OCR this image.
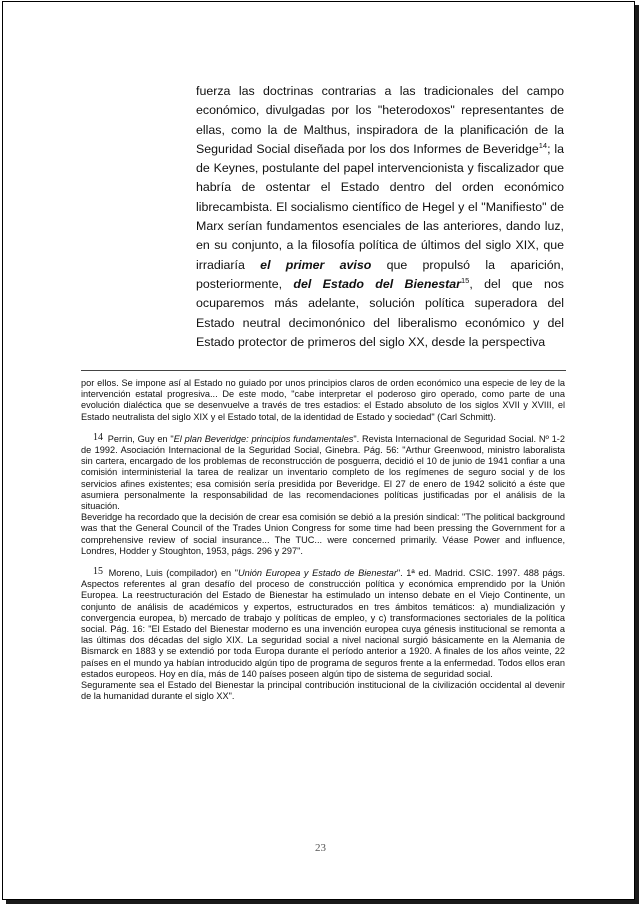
fuerza las doctrinas contrarias a las tradicionales del campo económico, divulgadas por los "heterodoxos" representantes de ellas, como la de Malthus, inspiradora de la planificación de la Seguridad Social diseñada por los dos Informes de Beveridge$^{14}$; la de Keynes, postulante del papel intervencionista y fiscalizador que habría de ostentar el Estado dentro del orden económico librecambista. El socialismo científico de Hegel y el "Manifiesto" de Marx serían fundamentos esenciales de las anteriores, dando luz, en su conjunto, a la filosofía política de últimos del siglo XIX, que irradiaría el primer aviso que propulsó la aparición, posteriormente, del Estado del Bienestar$^{15}$, del que nos ocuparemos más adelante, solución política superadora del Estado neutral decimonónico del liberalismo económico y del Estado protector de primeros del siglo XX, desde la perspectiva

por ellos. Se impone así al Estado no guiado por unos principios claros de orden económico una especie de ley de la intervención estatal progresiva... De este modo, "cabe interpretar el poderoso giro operado, como parte de una evolución dialéctica que se desenvuelve a través de tres estadios: el Estado absoluto de los siglos XVII y XVIII, el Estado neutralista del siglo XIX y el Estado total, de la identidad de Estado y sociedad" (Carl Schmitt).

14 Perrin, Guy en "El plan Beveridge: principios fundamentales". Revista Internacional de Seguridad Social. Nº 1-2 de 1992. Asociación Internacional de la Seguridad Social, Ginebra. Pág. 56: "Arthur Greenwood, ministro laboralista sin cartera, encargado de los problemas de reconstrucción de posguerra, decidió el 10 de junio de 1941 confiar a una comisión interministerial la tarea de realizar un inventario completo de los regímenes de seguro social y de los servicios afines existentes; esa comisión sería presidida por Beveridge. El 27 de enero de 1942 solicitó a éste que asumiera personalmente la responsabilidad de las recomendaciones políticas justificadas por el análisis de la situación.

Beveridge ha recordado que la decisión de crear esa comisión se debió a la presión sindical: "The political background was that the General Council of the Trades Union Congress for some time had been pressing the Government for a comprehensive review of social insurance... The TUC... were concerned primarily. Véase Power and influence, Londres, Hodder y Stoughton, 1953, págs. 296 y 297".

15 Moreno, Luis (compilador) en "Unión Europea y Estado de Bienestar". 1ª ed. Madrid. CSIC. 1997. 488 págs. Aspectos referentes al gran desafío del proceso de construcción política y económica emprendido por la Unión Europea. La reestructuración del Estado de Bienestar ha estimulado un intenso debate en el Viejo Continente, un conjunto de análisis de académicos y expertos, estructurados en tres ámbitos temáticos: a) mundialización y convergencia europea, b) mercado de trabajo y políticas de empleo, y c) transformaciones sectoriales de la política social. Pág. 16: "El Estado del Bienestar moderno es una invención europea cuya génesis institucional se remonta a las últimas dos décadas del siglo XIX. La seguridad social a nivel nacional surgió básicamente en la Alemania de Bismarck en 1883 y se extendió por toda Europa durante el período anterior a 1920. A finales de los años veinte, 22 países en el mundo ya habían introducido algún tipo de programa de seguros frente a la enfermedad. Todos ellos eran estados europeos. Hoy en día, más de 140 países poseen algún tipo de sistema de seguridad social.

Seguramente sea el Estado del Bienestar la principal contribución institucional de la civilización occidental al devenir de la humanidad durante el siglo XX".

23
